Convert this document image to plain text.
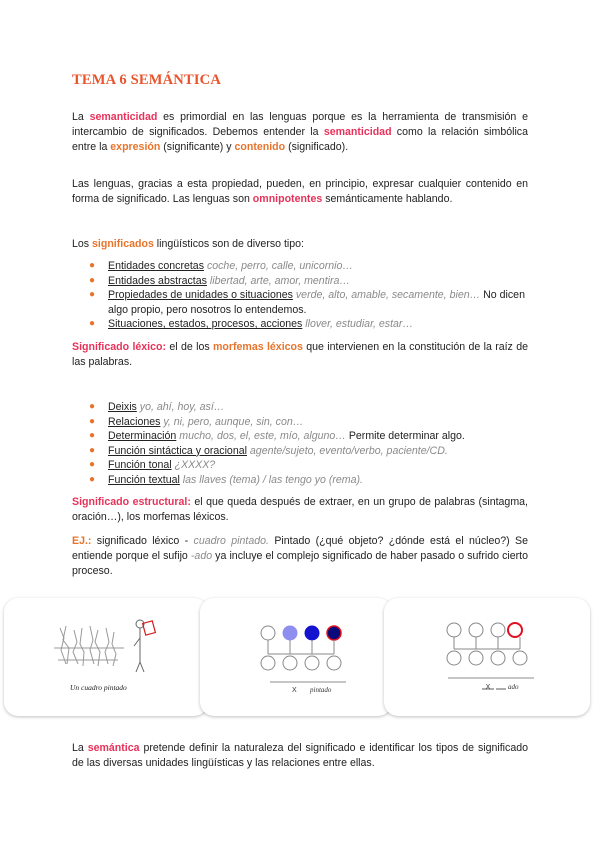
TEMA 6 SEMÁNTICA

La semanticidad es primordial en las lenguas porque es la herramienta de transmisión e intercambio de significados. Debemos entender la semanticidad como la relación simbólica entre la expresión (significante) y contenido (significado).

Las lenguas, gracias a esta propiedad, pueden, en principio, expresar cualquier contenido en forma de significado. Las lenguas son omnipotentes semánticamente hablando.

Los significados lingüísticos son de diverso tipo:

● Entidades concretas coche, perro, calle, unicornio…
● Entidades abstractas libertad, arte, amor, mentira…
● Propiedades de unidades o situaciones verde, alto, amable, secamente, bien… No dicen algo propio, pero nosotros lo entendemos.
● Situaciones, estados, procesos, acciones llover, estudiar, estar…

Significado léxico: el de los morfemas léxicos que intervienen en la constitución de la raíz de las palabras.

● Deixis yo, ahí, hoy, así…
● Relaciones y, ni, pero, aunque, sin, con…
● Determinación mucho, dos, el, este, mío, alguno… Permite determinar algo.
● Función sintáctica y oracional agente/sujeto, evento/verbo, paciente/CD.
● Función tonal ¿XXXX?
● Función textual las llaves (tema) / las tengo yo (rema).

Significado estructural: el que queda después de extraer, en un grupo de palabras (sintagma, oración…), los morfemas léxicos.

EJ.: significado léxico - cuadro pintado. Pintado (¿qué objeto? ¿dónde está el núcleo?) Se entiende porque el sufijo -ado ya incluye el complejo significado de haber pasado o sufrido cierto proceso.

Un cuadro pintado	X pintado	X	ado

La semántica pretende definir la naturaleza del significado e identificar los tipos de significado de las diversas unidades lingüísticas y las relaciones entre ellas.
